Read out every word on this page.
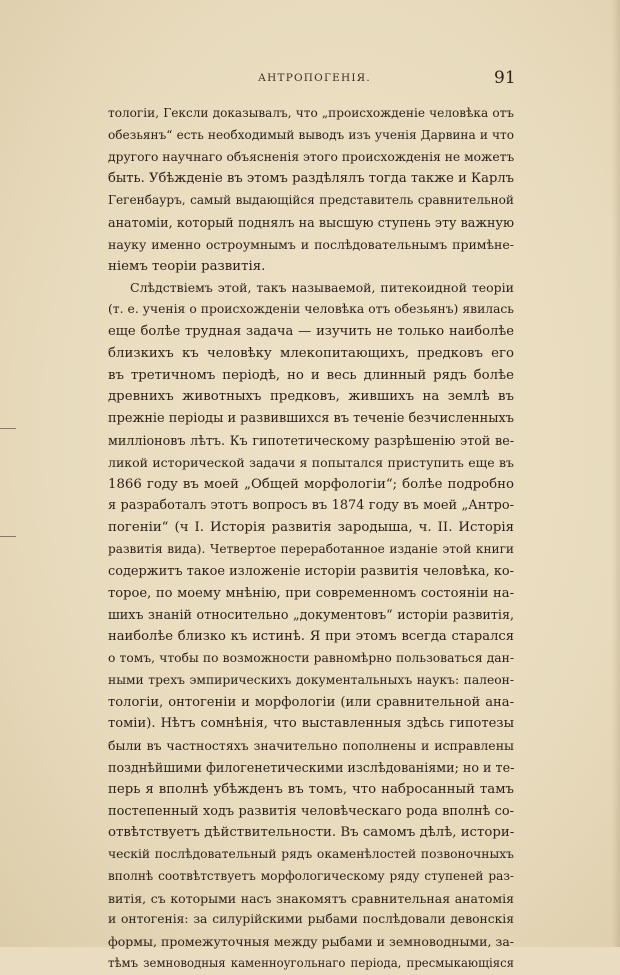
АНТРОПОГЕНІЯ.	91
тологіи, Гексли доказывалъ, что „происхожденіе человѣка отъ
обезьянъ“ есть необходимый выводъ изъ ученія Дарвина и что
другого научнаго объясненія этого происхожденія не можетъ
быть. Убѣжденіе въ этомъ раздѣлялъ тогда также и Карлъ
Гегенбауръ, самый выдающійся представитель сравнительной
анатоміи, который поднялъ на высшую ступень эту важную
науку именно остроумнымъ и послѣдовательнымъ примѣне-
ніемъ теоріи развитія.
Слѣдствіемъ этой, такъ называемой, питекоидной теоріи
(т. е. ученія о происхожденіи человѣка отъ обезьянъ) явилась
еще болѣе трудная задача — изучить не только наиболѣе
близкихъ къ человѣку млекопитающихъ, предковъ его
въ третичномъ періодѣ, но и весь длинный рядъ болѣе
древнихъ животныхъ предковъ, жившихъ на землѣ въ
прежніе періоды и развившихся въ теченіе безчисленныхъ
милліоновъ лѣтъ. Къ гипотетическому разрѣшенію этой ве-
ликой исторической задачи я попытался приступить еще въ
1866 году въ моей „Общей морфологіи“; болѣе подробно
я разработалъ этотъ вопросъ въ 1874 году въ моей „Антро-
погеніи“ (ч I. Исторія развитія зародыша, ч. II. Исторія
развитія вида). Четвертое переработанное изданіе этой книги
содержитъ такое изложеніе исторіи развитія человѣка, ко-
торое, по моему мнѣнію, при современномъ состояніи на-
шихъ знаній относительно „документовъ“ исторіи развитія,
наиболѣе близко къ истинѣ. Я при этомъ всегда старался
о томъ, чтобы по возможности равномѣрно пользоваться дан-
ными трехъ эмпирическихъ документальныхъ наукъ: палеон-
тологіи, онтогеніи и морфологіи (или сравнительной ана-
томіи). Нѣтъ сомнѣнія, что выставленныя здѣсь гипотезы
были въ частностяхъ значительно пополнены и исправлены
позднѣйшими филогенетическими изслѣдованіями; но и те-
перь я вполнѣ убѣжденъ въ томъ, что набросанный тамъ
постепенный ходъ развитія человѣческаго рода вполнѣ со-
отвѣтствуетъ дѣйствительности. Въ самомъ дѣлѣ, истори-
ческій послѣдовательный рядъ окаменѣлостей позвоночныхъ
вполнѣ соотвѣтствуетъ морфологическому ряду ступеней раз-
витія, съ которыми насъ знакомятъ сравнительная анатомія
и онтогенія: за силурійскими рыбами послѣдовали девонскія
формы, промежуточныя между рыбами и земноводными, за-
тѣмъ земноводныя каменноугольнаго періода, пресмыкающіяся
